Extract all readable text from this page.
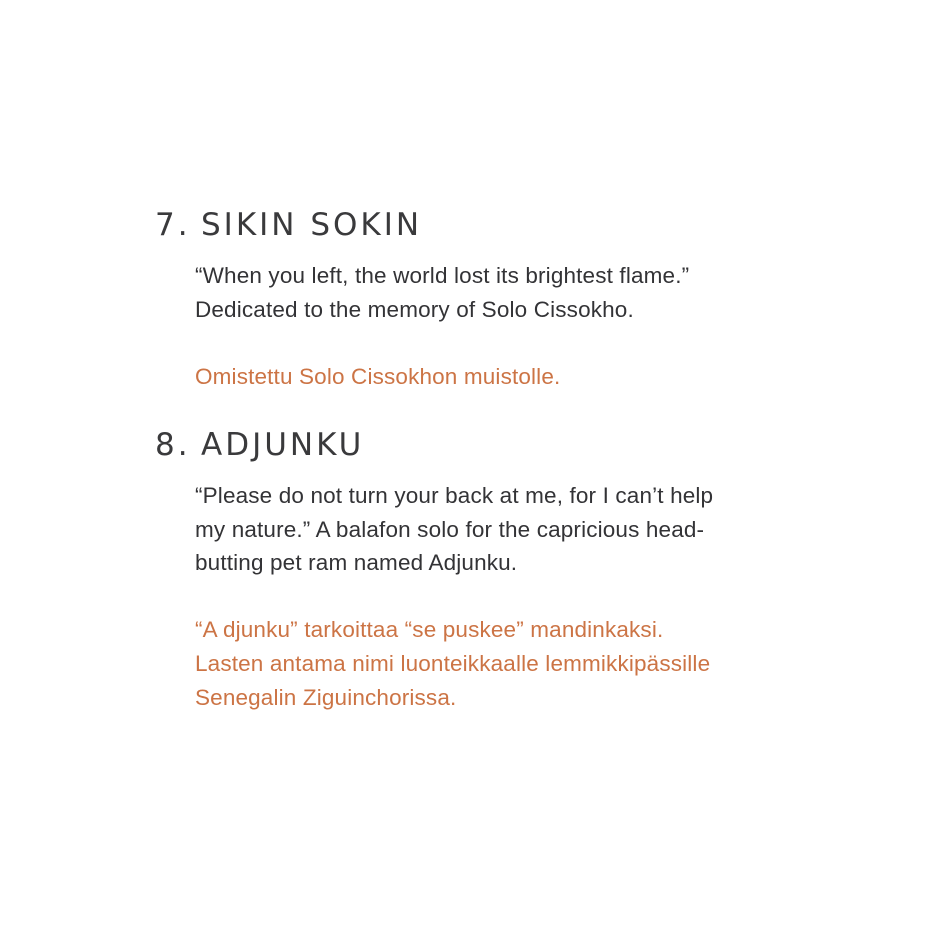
7. SIKIN SOKIN

“When you left, the world lost its brightest flame.”
Dedicated to the memory of Solo Cissokho.

Omistettu Solo Cissokhon muistolle.

8. ADJUNKU

“Please do not turn your back at me, for I can’t help
my nature.” A balafon solo for the capricious head-
butting pet ram named Adjunku.

“A djunku” tarkoittaa “se puskee” mandinkaksi.
Lasten antama nimi luonteikkaalle lemmikkipässille
Senegalin Ziguinchorissa.
